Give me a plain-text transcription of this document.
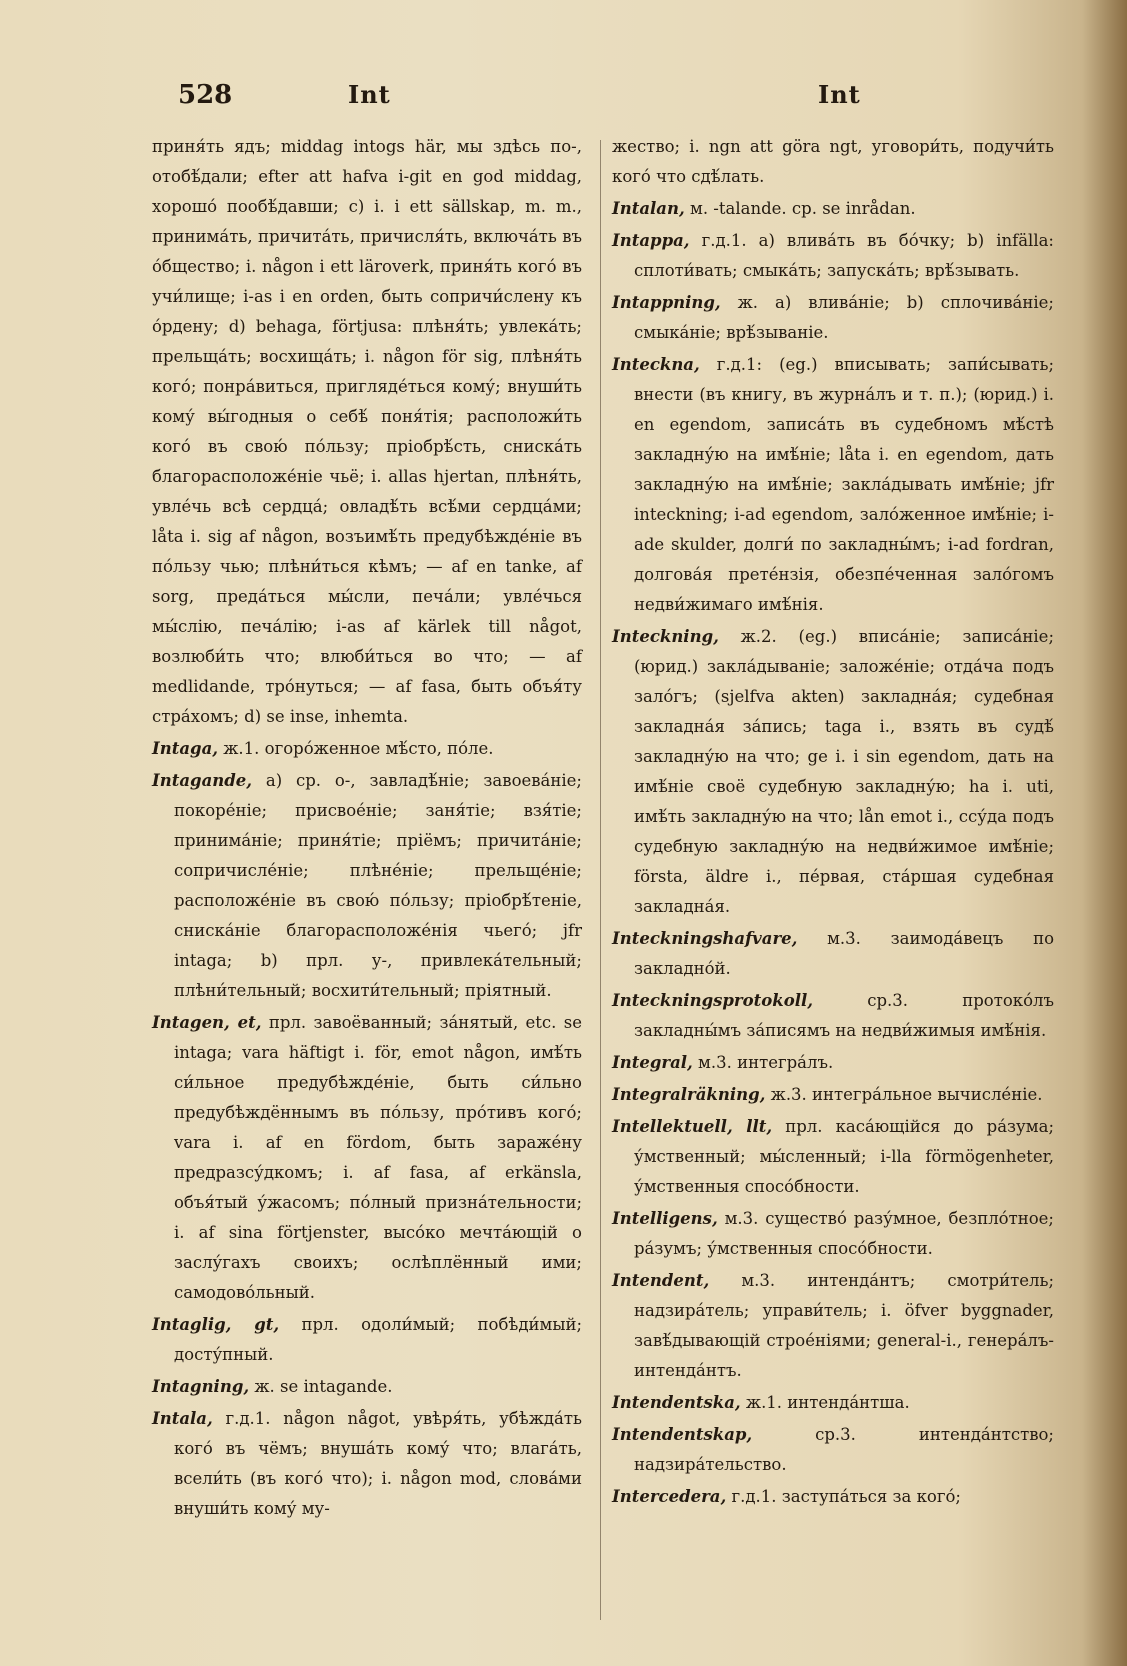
528	Int	Int

приня́ть ядъ; middag intogs här, мы здѣсь по-, отобѣ́дали; efter att hafva i-git en god middag, хорошо́ пообѣ́давши; c) i. i ett sällskap, m. m., принима́ть, причита́ть, причисля́ть, включа́ть въ о́бщество; i. någon i ett läroverk, приня́ть кого́ въ учи́лище; i-as i en orden, быть сопричи́слену къ о́рдену; d) behaga, förtjusa: плѣня́ть; увлека́ть; прельща́ть; восхища́ть; i. någon för sig, плѣня́ть кого́; понра́виться, пригляде́ться кому́; внуши́ть кому́ вы́годныя о себѣ́ поня́тія; расположи́ть кого́ въ свою́ по́льзу; пріобрѣ́сть, сниска́ть благорасположе́ніе чьё; i. allas hjertan, плѣня́ть, увле́чь всѣ сердца́; овладѣ́ть всѣ́ми сердца́ми; låta i. sig af någon, возъимѣ́ть предубѣжде́ніе въ по́льзу чью; плѣни́ться кѣмъ; — af en tanke, af sorg, преда́ться мы́сли, печа́ли; увле́чься мы́слію, печа́лію; i-as af kärlek till något, возлюби́ть что; влюби́ться во что; — af medlidande, тро́нуться; — af fasa, быть объя́ту стра́хомъ; d) se inse, inhemta.

Intaga, ж.1. огоро́женное мѣ́сто, по́ле.

Intagande, a) ср. о-, завладѣ́ніе; завоева́ніе; покоре́ніе; присвое́ніе; заня́тіе; взя́тіе; принима́ніе; приня́тіе; пріёмъ; причита́ніе; сопричисле́ніе; плѣне́ніе; прельще́ніе; расположе́ніе въ свою́ по́льзу; пріобрѣ́теніе, сниска́ніе благорасположе́нія чьего́; jfr intaga; b) прл. у-, привлека́тельный; плѣни́тельный; восхити́тельный; пріятный.

Intagen, et, прл. завоёванный; за́нятый, etc. se intaga; vara häftigt i. för, emot någon, имѣ́ть си́льное предубѣжде́ніе, быть си́льно предубѣждённымъ въ по́льзу, про́тивъ кого́; vara i. af en fördom, быть зараже́ну предразсу́дкомъ; i. af fasa, af erkänsla, объя́тый у́жасомъ; по́лный призна́тельности; i. af sina förtjenster, высо́ко мечта́ющій о заслу́гахъ своихъ; ослѣплённый ими; самодово́льный.

Intaglig, gt, прл. одоли́мый; побѣди́мый; досту́пный.

Intagning, ж. se intagande.

Intala, г.д.1. någon något, увѣря́ть, убѣжда́ть кого́ въ чёмъ; внуша́ть кому́ что; влага́ть, всели́ть (въ кого́ что); i. någon mod, слова́ми внуши́ть кому́ му-

жество; i. ngn att göra ngt, уговори́ть, подучи́ть кого́ что сдѣ́лать.

Intalan, м. -talande. ср. se inrådan.

Intappa, г.д.1. a) влива́ть въ бо́чку; b) infälla: сплоти́вать; смыка́ть; запуска́ть; врѣ́зывать.

Intappning, ж. a) влива́ніе; b) сплочива́ніе; смыка́ніе; врѣ́зываніе.

Inteckna, г.д.1: (eg.) вписывать; запи́сывать; внести (въ книгу, въ журна́лъ и т. п.); (юрид.) i. en egendom, записа́ть въ судебномъ мѣ́стѣ закладну́ю на имѣ́ніе; låta i. en egendom, дать закладну́ю на имѣ́ніе; закла́дывать имѣ́ніе; jfr inteckning; i-ad egendom, зало́женное имѣ́ніе; i-ade skulder, долги́ по закладны́мъ; i-ad fordran, долгова́я прете́нзія, обезпе́ченная зало́гомъ недви́жимаго имѣ́нія.

Inteckning, ж.2. (eg.) вписа́ніе; записа́ніе; (юрид.) закла́дываніе; заложе́ніе; отда́ча подъ зало́гъ; (sjelfva akten) закладна́я; судебная закладна́я за́пись; taga i., взять въ судѣ́ закладну́ю на что; ge i. i sin egendom, дать на имѣ́ніе своё судебную закладну́ю; ha i. uti, имѣ́ть закладну́ю на что; lån emot i., ссу́да подъ судебную закладну́ю на недви́жимое имѣ́ніе; första, äldre i., пе́рвая, ста́ршая судебная закладна́я.

Inteckningshafvare, м.3. заимода́вецъ по закладно́й.

Inteckningsprotokoll, ср.3. протоко́лъ закладны́мъ за́писямъ на недви́жимыя имѣ́нія.

Integral, м.3. интегра́лъ.

Integralräkning, ж.3. интегра́льное вычисле́ніе.

Intellektuell, llt, прл. каса́ющійся до ра́зума; у́мственный; мы́сленный; i-lla förmögenheter, у́мственныя спосо́бности.

Intelligens, м.3. существо́ разу́мное, безпло́тное; ра́зумъ; у́мственныя спосо́бности.

Intendent, м.3. интенда́нтъ; смотри́тель; надзира́тель; управи́тель; i. öfver byggnader, завѣ́дывающій строе́ніями; general-i., генера́лъ-интенда́нтъ.

Intendentska, ж.1. интенда́нтша.

Intendentskap, ср.3. интенда́нтство; надзира́тельство.

Intercedera, г.д.1. заступа́ться за кого́;
